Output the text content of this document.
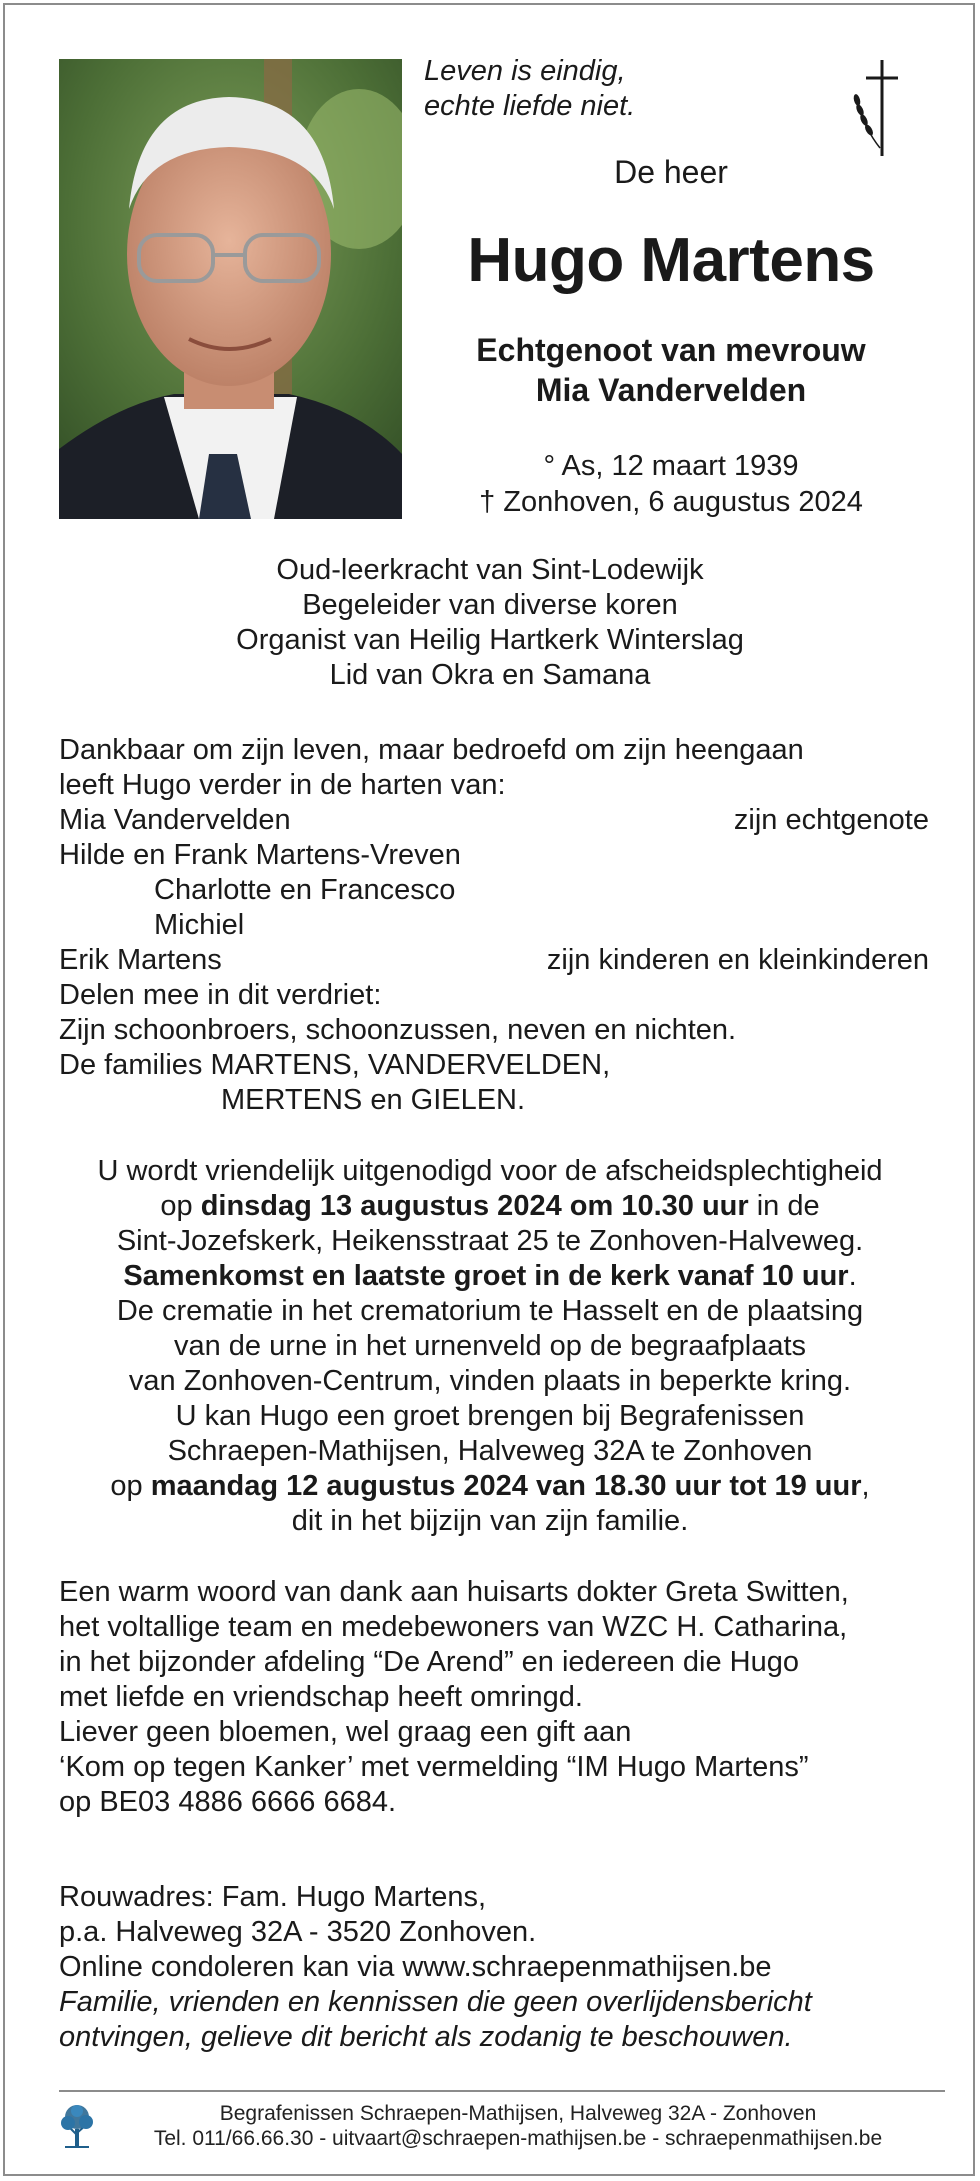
Leven is eindig,
echte liefde niet.
De heer
Hugo Martens
Echtgenoot van mevrouw
Mia Vandervelden
° As, 12 maart 1939
† Zonhoven, 6 augustus 2024
Oud-leerkracht van Sint-Lodewijk
Begeleider van diverse koren
Organist van Heilig Hartkerk Winterslag
Lid van Okra en Samana
Dankbaar om zijn leven, maar bedroefd om zijn heengaan
leeft Hugo verder in de harten van:
Mia Vandervelden	zijn echtgenote
Hilde en Frank Martens-Vreven
Charlotte en Francesco
Michiel
Erik Martens	zijn kinderen en kleinkinderen
Delen mee in dit verdriet:
Zijn schoonbroers, schoonzussen, neven en nichten.
De families MARTENS, VANDERVELDEN,
MERTENS en GIELEN.
U wordt vriendelijk uitgenodigd voor de afscheidsplechtigheid
op dinsdag 13 augustus 2024 om 10.30 uur in de
Sint-Jozefskerk, Heikensstraat 25 te Zonhoven-Halveweg.
Samenkomst en laatste groet in de kerk vanaf 10 uur.
De crematie in het crematorium te Hasselt en de plaatsing
van de urne in het urnenveld op de begraafplaats
van Zonhoven-Centrum, vinden plaats in beperkte kring.
U kan Hugo een groet brengen bij Begrafenissen
Schraepen-Mathijsen, Halveweg 32A te Zonhoven
op maandag 12 augustus 2024 van 18.30 uur tot 19 uur,
dit in het bijzijn van zijn familie.
Een warm woord van dank aan huisarts dokter Greta Switten,
het voltallige team en medebewoners van WZC H. Catharina,
in het bijzonder afdeling “De Arend” en iedereen die Hugo
met liefde en vriendschap heeft omringd.
Liever geen bloemen, wel graag een gift aan
‘Kom op tegen Kanker’ met vermelding “IM Hugo Martens”
op BE03 4886 6666 6684.
Rouwadres: Fam. Hugo Martens,
p.a. Halveweg 32A - 3520 Zonhoven.
Online condoleren kan via www.schraepenmathijsen.be
Familie, vrienden en kennissen die geen overlijdensbericht
ontvingen, gelieve dit bericht als zodanig te beschouwen.
Begrafenissen Schraepen-Mathijsen, Halveweg 32A - Zonhoven
Tel. 011/66.66.30 - uitvaart@schraepen-mathijsen.be - schraepenmathijsen.be
